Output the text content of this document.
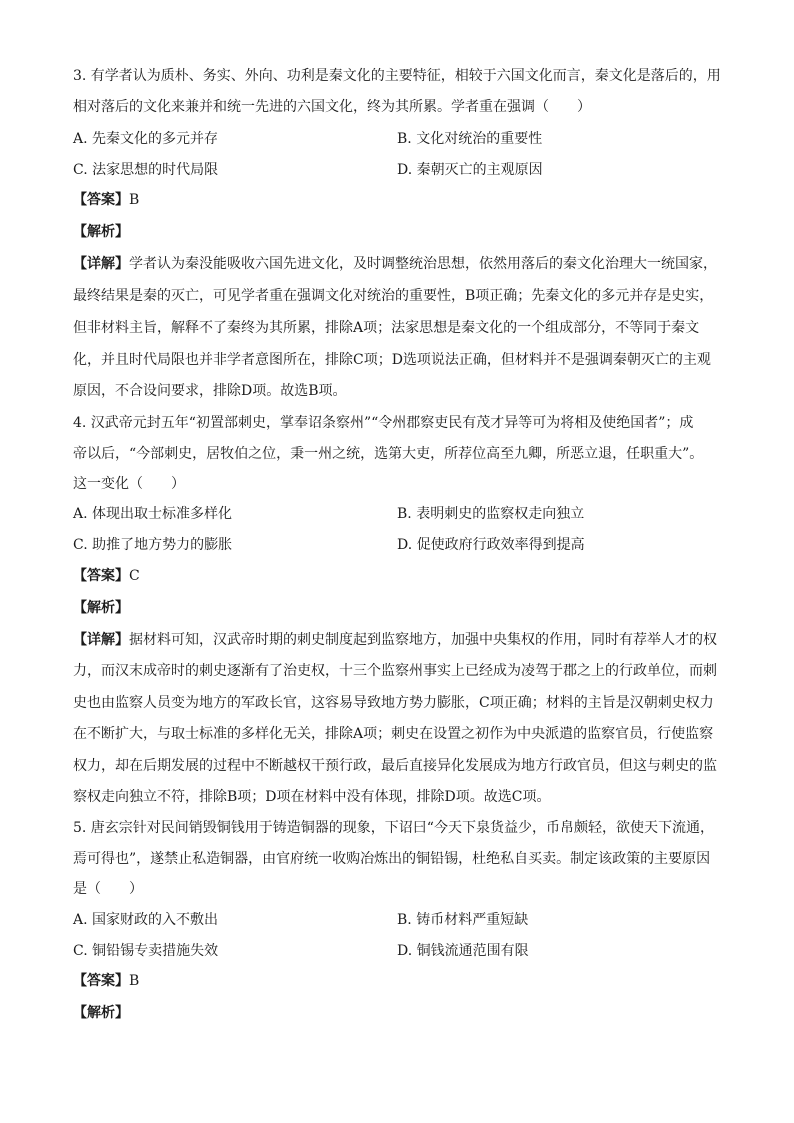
3. 有学者认为质朴、务实、外向、功利是秦文化的主要特征，相较于六国文化而言，秦文化是落后的，用
相对落后的文化来兼并和统一先进的六国文化，终为其所累。学者重在强调（　　）
A. 先秦文化的多元并存	B. 文化对统治的重要性
C. 法家思想的时代局限	D. 秦朝灭亡的主观原因
【答案】B
【解析】
【详解】学者认为秦没能吸收六国先进文化，及时调整统治思想，依然用落后的秦文化治理大一统国家，
最终结果是秦的灭亡，可见学者重在强调文化对统治的重要性，B项正确；先秦文化的多元并存是史实，
但非材料主旨，解释不了秦终为其所累，排除A项；法家思想是秦文化的一个组成部分，不等同于秦文
化，并且时代局限也并非学者意图所在，排除C项；D选项说法正确，但材料并不是强调秦朝灭亡的主观
原因，不合设问要求，排除D项。故选B项。
4. 汉武帝元封五年“初置部刺史，掌奉诏条察州”“令州郡察吏民有茂才异等可为将相及使绝国者”；成
帝以后，“今部刺史，居牧伯之位，秉一州之统，选第大吏，所荐位高至九卿，所恶立退，任职重大”。
这一变化（　　）
A. 体现出取士标准多样化	B. 表明刺史的监察权走向独立
C. 助推了地方势力的膨胀	D. 促使政府行政效率得到提高
【答案】C
【解析】
【详解】据材料可知，汉武帝时期的刺史制度起到监察地方，加强中央集权的作用，同时有荐举人才的权
力，而汉末成帝时的刺史逐渐有了治吏权，十三个监察州事实上已经成为凌驾于郡之上的行政单位，而刺
史也由监察人员变为地方的军政长官，这容易导致地方势力膨胀，C项正确；材料的主旨是汉朝刺史权力
在不断扩大，与取士标准的多样化无关，排除A项；刺史在设置之初作为中央派遣的监察官员，行使监察
权力，却在后期发展的过程中不断越权干预行政，最后直接异化发展成为地方行政官员，但这与刺史的监
察权走向独立不符，排除B项；D项在材料中没有体现，排除D项。故选C项。
5. 唐玄宗针对民间销毁铜钱用于铸造铜器的现象，下诏曰“今天下泉货益少，币帛颇轻，欲使天下流通，
焉可得也”，遂禁止私造铜器，由官府统一收购冶炼出的铜铅锡，杜绝私自买卖。制定该政策的主要原因
是（　　）
A. 国家财政的入不敷出	B. 铸币材料严重短缺
C. 铜铅锡专卖措施失效	D. 铜钱流通范围有限
【答案】B
【解析】
